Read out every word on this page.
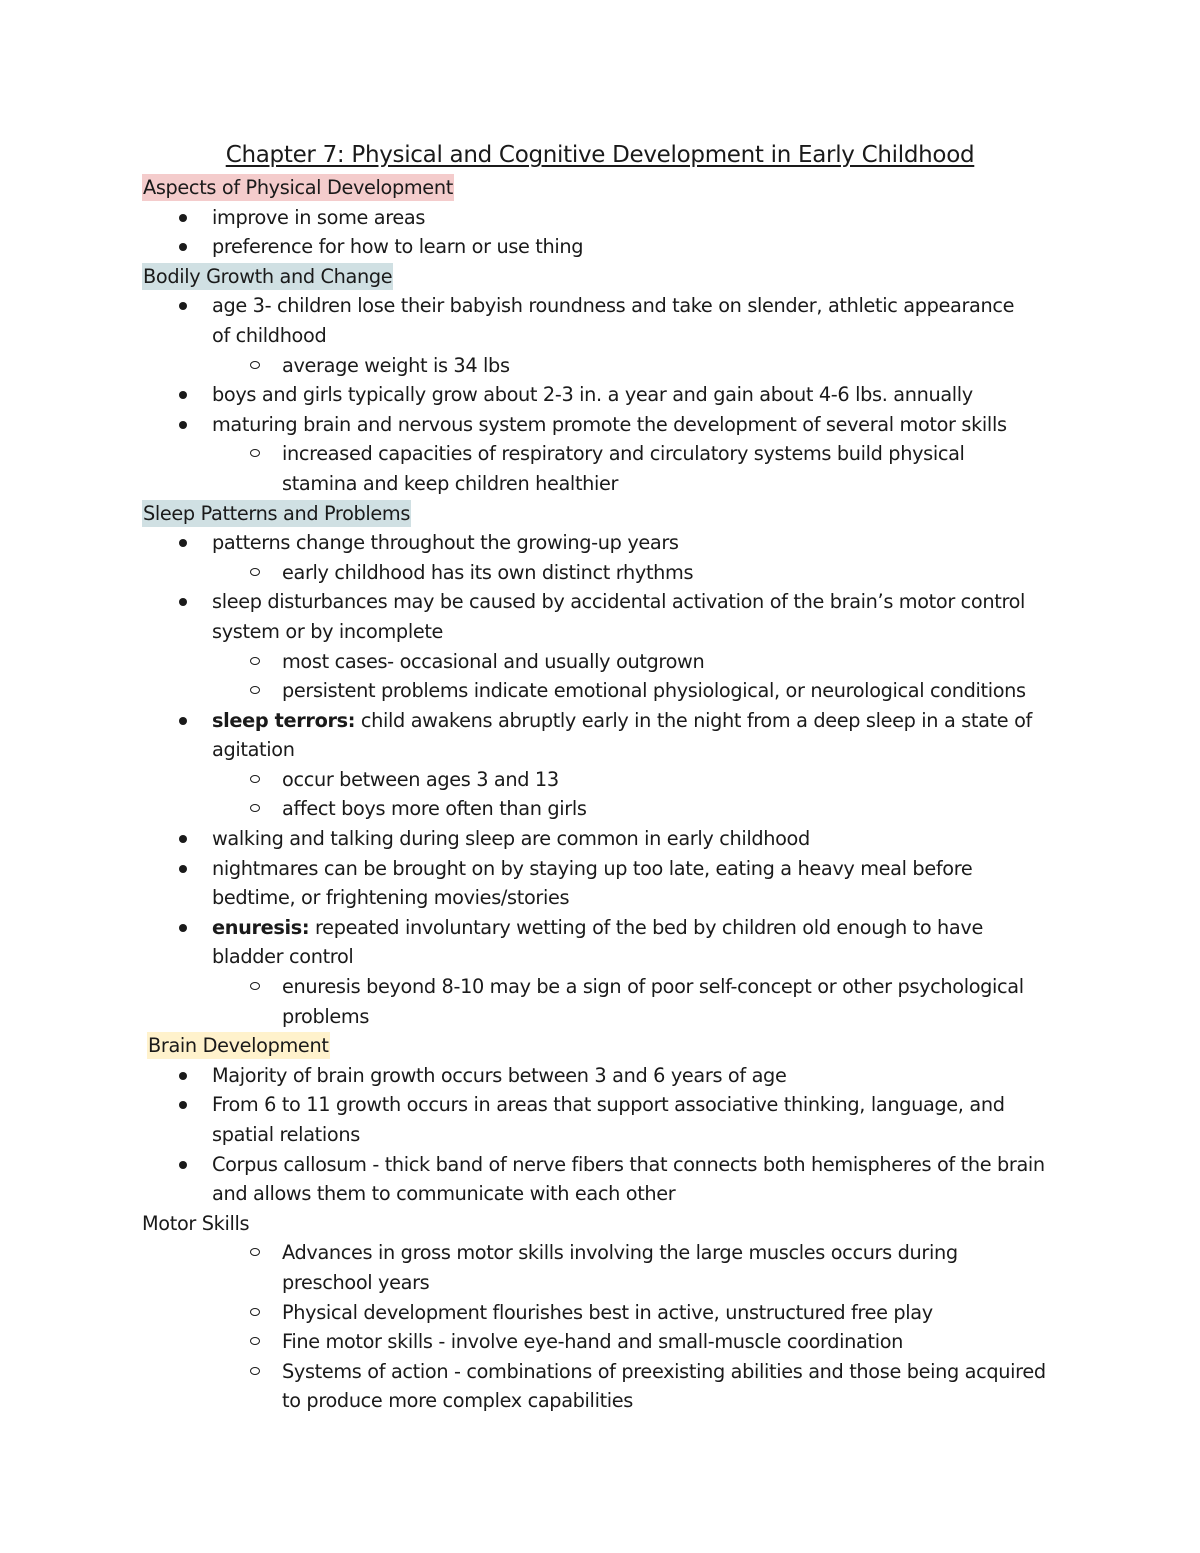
Chapter 7: Physical and Cognitive Development in Early Childhood
Aspects of Physical Development
improve in some areas
preference for how to learn or use thing
Bodily Growth and Change
age 3- children lose their babyish roundness and take on slender, athletic appearance
of childhood
average weight is 34 lbs
boys and girls typically grow about 2-3 in. a year and gain about 4-6 lbs. annually
maturing brain and nervous system promote the development of several motor skills
increased capacities of respiratory and circulatory systems build physical
stamina and keep children healthier
Sleep Patterns and Problems
patterns change throughout the growing-up years
early childhood has its own distinct rhythms
sleep disturbances may be caused by accidental activation of the brain’s motor control
system or by incomplete
most cases- occasional and usually outgrown
persistent problems indicate emotional physiological, or neurological conditions
sleep terrors: child awakens abruptly early in the night from a deep sleep in a state of
agitation
occur between ages 3 and 13
affect boys more often than girls
walking and talking during sleep are common in early childhood
nightmares can be brought on by staying up too late, eating a heavy meal before
bedtime, or frightening movies/stories
enuresis: repeated involuntary wetting of the bed by children old enough to have
bladder control
enuresis beyond 8-10 may be a sign of poor self-concept or other psychological
problems
Brain Development
Majority of brain growth occurs between 3 and 6 years of age
From 6 to 11 growth occurs in areas that support associative thinking, language, and
spatial relations
Corpus callosum - thick band of nerve fibers that connects both hemispheres of the brain
and allows them to communicate with each other
Motor Skills
Advances in gross motor skills involving the large muscles occurs during
preschool years
Physical development flourishes best in active, unstructured free play
Fine motor skills - involve eye-hand and small-muscle coordination
Systems of action - combinations of preexisting abilities and those being acquired
to produce more complex capabilities
